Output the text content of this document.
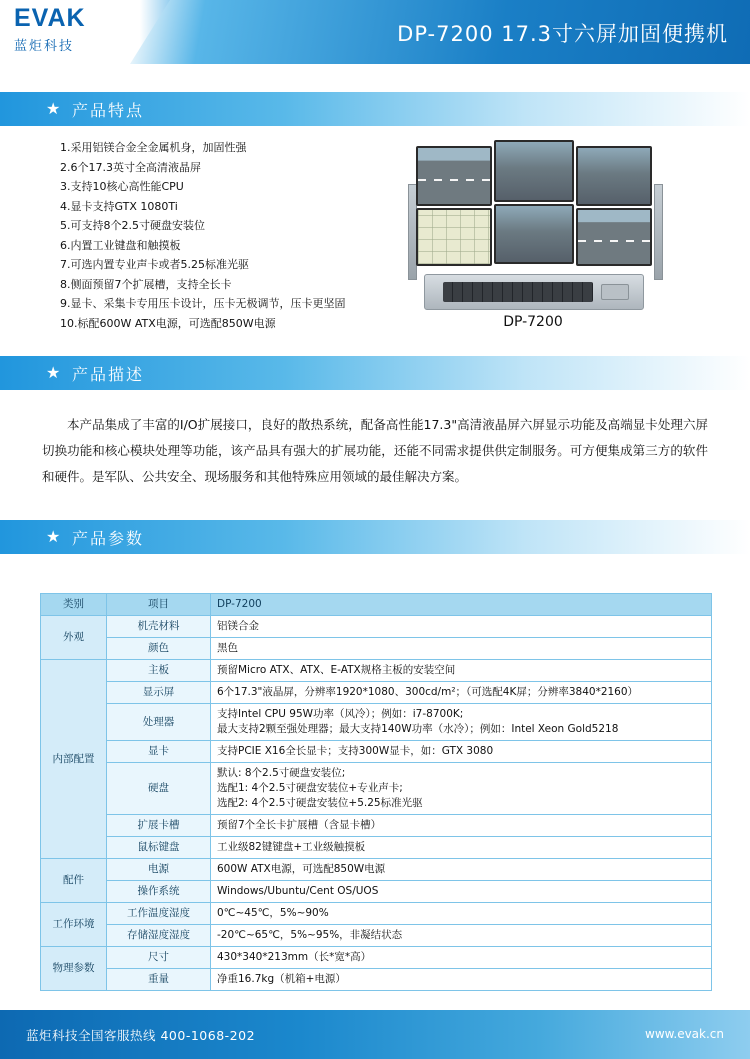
EVAK
蓝炬科技
DP-7200 17.3寸六屏加固便携机
★ 产品特点
1.采用铝镁合金全金属机身，加固性强
2.6个17.3英寸全高清液晶屏
3.支持10核心高性能CPU
4.显卡支持GTX 1080Ti
5.可支持8个2.5寸硬盘安装位
6.内置工业键盘和触摸板
7.可选内置专业声卡或者5.25标准光驱
8.侧面预留7个扩展槽，支持全长卡
9.显卡、采集卡专用压卡设计，压卡无极调节，压卡更坚固
10.标配600W ATX电源，可选配850W电源	DP-7200
★ 产品描述
本产品集成了丰富的I/O扩展接口，良好的散热系统，配备高性能17.3"高清液晶屏六屏显示功能及高端显卡处理六屏切换功能和核心模块处理等功能，该产品具有强大的扩展功能，还能不同需求提供供定制服务。可方便集成第三方的软件和硬件。是军队、公共安全、现场服务和其他特殊应用领域的最佳解决方案。
★ 产品参数
类别	项目	DP-7200
外观	机壳材料	铝镁合金
	颜色	黑色
内部配置	主板	预留Micro ATX、ATX、E-ATX规格主板的安装空间
	显示屏	6个17.3"液晶屏，分辨率1920*1080、300cd/m²；（可选配4K屏；分辨率3840*2160）
	处理器	支持Intel CPU 95W功率（风冷）；例如：i7-8700K;
最大支持2颗至强处理器；最大支持140W功率（水冷）；例如：Intel Xeon Gold5218

	显卡	支持PCIE X16全长显卡；支持300W显卡，如：GTX 3080
	硬盘	默认: 8个2.5寸硬盘安装位;
选配1: 4个2.5寸硬盘安装位+专业声卡;
选配2: 4个2.5寸硬盘安装位+5.25标准光驱

	扩展卡槽	预留7个全长卡扩展槽（含显卡槽）
	鼠标键盘	工业级82键键盘+工业级触摸板
配件	电源	600W ATX电源，可选配850W电源
	操作系统	Windows/Ubuntu/Cent OS/UOS
工作环境	工作温度湿度	0℃~45℃，5%~90%
	存储湿度湿度	-20℃~65℃，5%~95%，非凝结状态
物理参数	尺寸	430*340*213mm（长*宽*高）
	重量	净重16.7kg（机箱+电源）
蓝炬科技全国客服热线 400-1068-202	www.evak.cn
